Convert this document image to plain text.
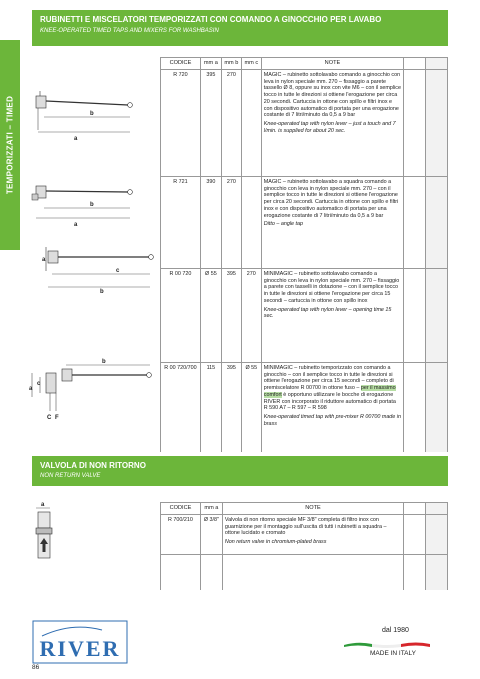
TEMPORIZZATI – TIMED
RUBINETTI E MISCELATORI TEMPORIZZATI CON COMANDO A GINOCCHIO PER LAVABO
KNEE-OPERATED TIMED TAPS AND MIXERS FOR WASHBASIN
b
a
b
a
a
c
b
b
a
c
C F
a
CODICE	mm a	mm b	mm c	NOTE		
R 720	395	270		MAGIC – rubinetto sottolavabo comando a ginocchio con leva in nylon speciale mm. 270 – fissaggio a parete tassello Ø 8, oppure su inox con vite M6 – con il semplice tocco in tutte le direzioni si ottiene l'erogazione per circa 20 secondi. Cartuccia in ottone con spillo e filtri inox e con dispositivo automatico di portata per una erogazione costante di 7 litri/minuto da 0,5 a 9 bar
Knee-operated tap with nylon lever – just a touch and 7 l/min. is supplied for about 20 sec.		

R 721	390	270		MAGIC – rubinetto sottolavabo a squadra comando a ginocchio con leva in nylon speciale mm. 270 – con il semplice tocco in tutte le direzioni si ottiene l'erogazione per circa 20 secondi. Cartuccia in ottone con spillo e filtri inox e con dispositivo automatico di portata per una erogazione costante di 7 litri/minuto da 0,5 a 9 bar
Ditto – angle tap		

R 00 720	Ø 55	395	270	MINIMAGIC – rubinetto sottolavabo comando a ginocchio con leva in nylon speciale mm. 270 – fissaggio a parete con tasselli in dotazione – con il semplice tocco in tutte le direzioni si ottiene l'erogazione per circa 15 secondi – cartuccia in ottone con spillo inox
Knee-operated tap with nylon lever – opening time 15 sec.		

R 00 720/700	115	395	Ø 55	MINIMAGIC – rubinetto temporizzato con comando a ginocchio – con il semplice tocco in tutte le direzioni si ottiene l'erogazione per circa 15 secondi – completo di premiscelatore R 00700 in ottone fuso – per il massimo comfort è opportuno utilizzare le bocche di erogazione RIVER con incorporato il riduttore automatico di portata R 590 A7 – R 597 – R 598
Knee-operated timed tap with pre-mixer R 00700 made in brass		

VALVOLA DI NON RITORNO
NON RETURN VALVE
CODICE	mm a	NOTE		
R 700/210	Ø 3/8"	Valvola di non ritorno speciale MF 3/8" completa di filtro inox con guarnizione per il montaggio sull'uscita di tutti i rubinetti a squadra – ottone lucidato e cromato
Non return valve in chromium-plated brass		

RIVER
dal 1980
MADE IN ITALY
86
